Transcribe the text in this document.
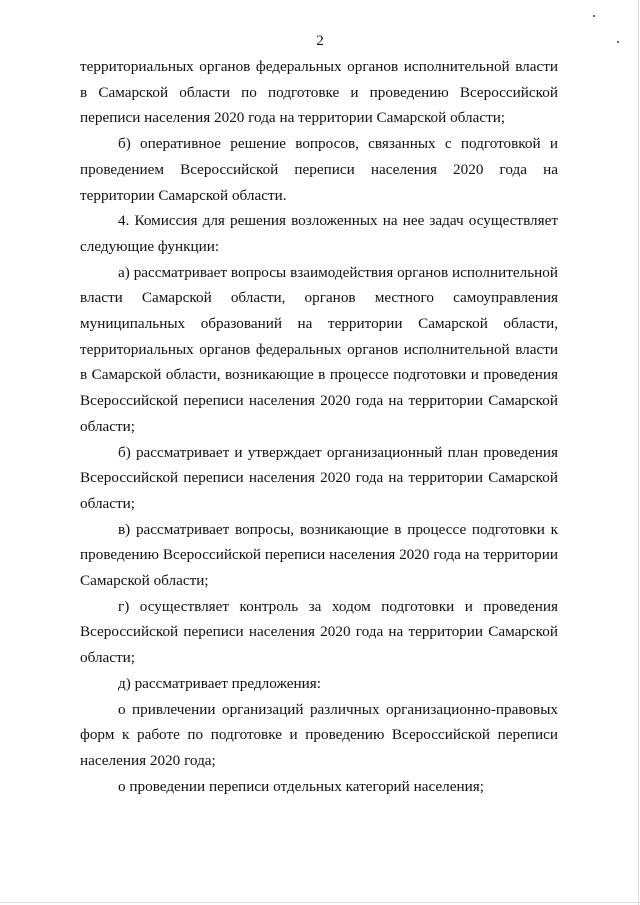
2

территориальных органов федеральных органов исполнительной власти в Самарской области по подготовке и проведению Всероссийской переписи населения 2020 года на территории Самарской области;

б) оперативное решение вопросов, связанных с подготовкой и проведением Всероссийской переписи населения 2020 года на территории Самарской области.

4. Комиссия для решения возложенных на нее задач осуществляет следующие функции:

а) рассматривает вопросы взаимодействия органов исполнительной власти Самарской области, органов местного самоуправления муниципальных образований на территории Самарской области, территориальных органов федеральных органов исполнительной власти в Самарской области, возникающие в процессе подготовки и проведения Всероссийской переписи населения 2020 года на территории Самарской области;

б) рассматривает и утверждает организационный план проведения Всероссийской переписи населения 2020 года на территории Самарской области;

в) рассматривает вопросы, возникающие в процессе подготовки к проведению Всероссийской переписи населения 2020 года на территории Самарской области;

г) осуществляет контроль за ходом подготовки и проведения Всероссийской переписи населения 2020 года на территории Самарской области;

д) рассматривает предложения:

о привлечении организаций различных организационно-правовых форм к работе по подготовке и проведению Всероссийской переписи населения 2020 года;

о проведении переписи отдельных категорий населения;
